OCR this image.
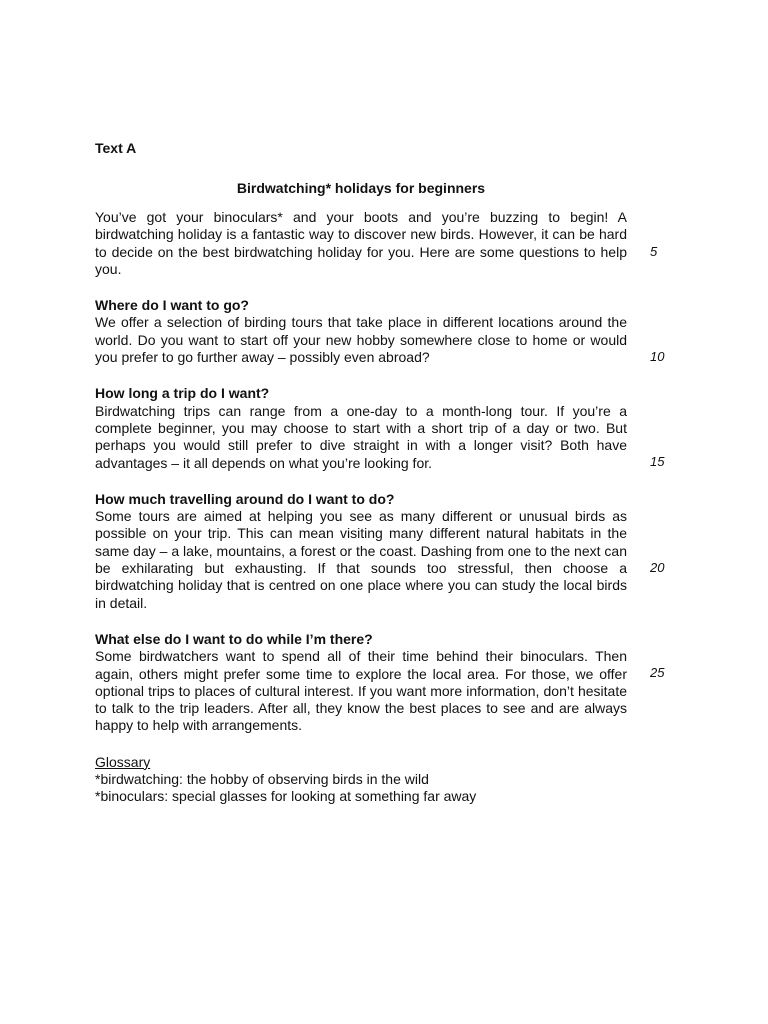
Text A

Birdwatching* holidays for beginners

You’ve got your binoculars* and your boots and you’re buzzing to begin! A birdwatching holiday is a fantastic way to discover new birds. However, it can be hard to decide on the best birdwatching holiday for you. Here are some questions to help you.

5

Where do I want to go?

We offer a selection of birding tours that take place in different locations around the world. Do you want to start off your new hobby somewhere close to home or would you prefer to go further away – possibly even abroad?	10

How long a trip do I want?

Birdwatching trips can range from a one-day to a month-long tour. If you’re a complete beginner, you may choose to start with a short trip of a day or two. But perhaps you would still prefer to dive straight in with a longer visit? Both have advantages – it all depends on what you’re looking for.	15

How much travelling around do I want to do?

Some tours are aimed at helping you see as many different or unusual birds as possible on your trip. This can mean visiting many different natural habitats in the same day – a lake, mountains, a forest or the coast. Dashing from one to the next can be exhilarating but exhausting. If that sounds too stressful, then choose a birdwatching holiday that is centred on one place where you can study the local birds in detail.

20

What else do I want to do while I’m there?

Some birdwatchers want to spend all of their time behind their binoculars. Then again, others might prefer some time to explore the local area. For those, we offer optional trips to places of cultural interest. If you want more information, don’t hesitate to talk to the trip leaders. After all, they know the best places to see and are always happy to help with arrangements.

25

Glossary

*birdwatching: the hobby of observing birds in the wild

*binoculars: special glasses for looking at something far away
